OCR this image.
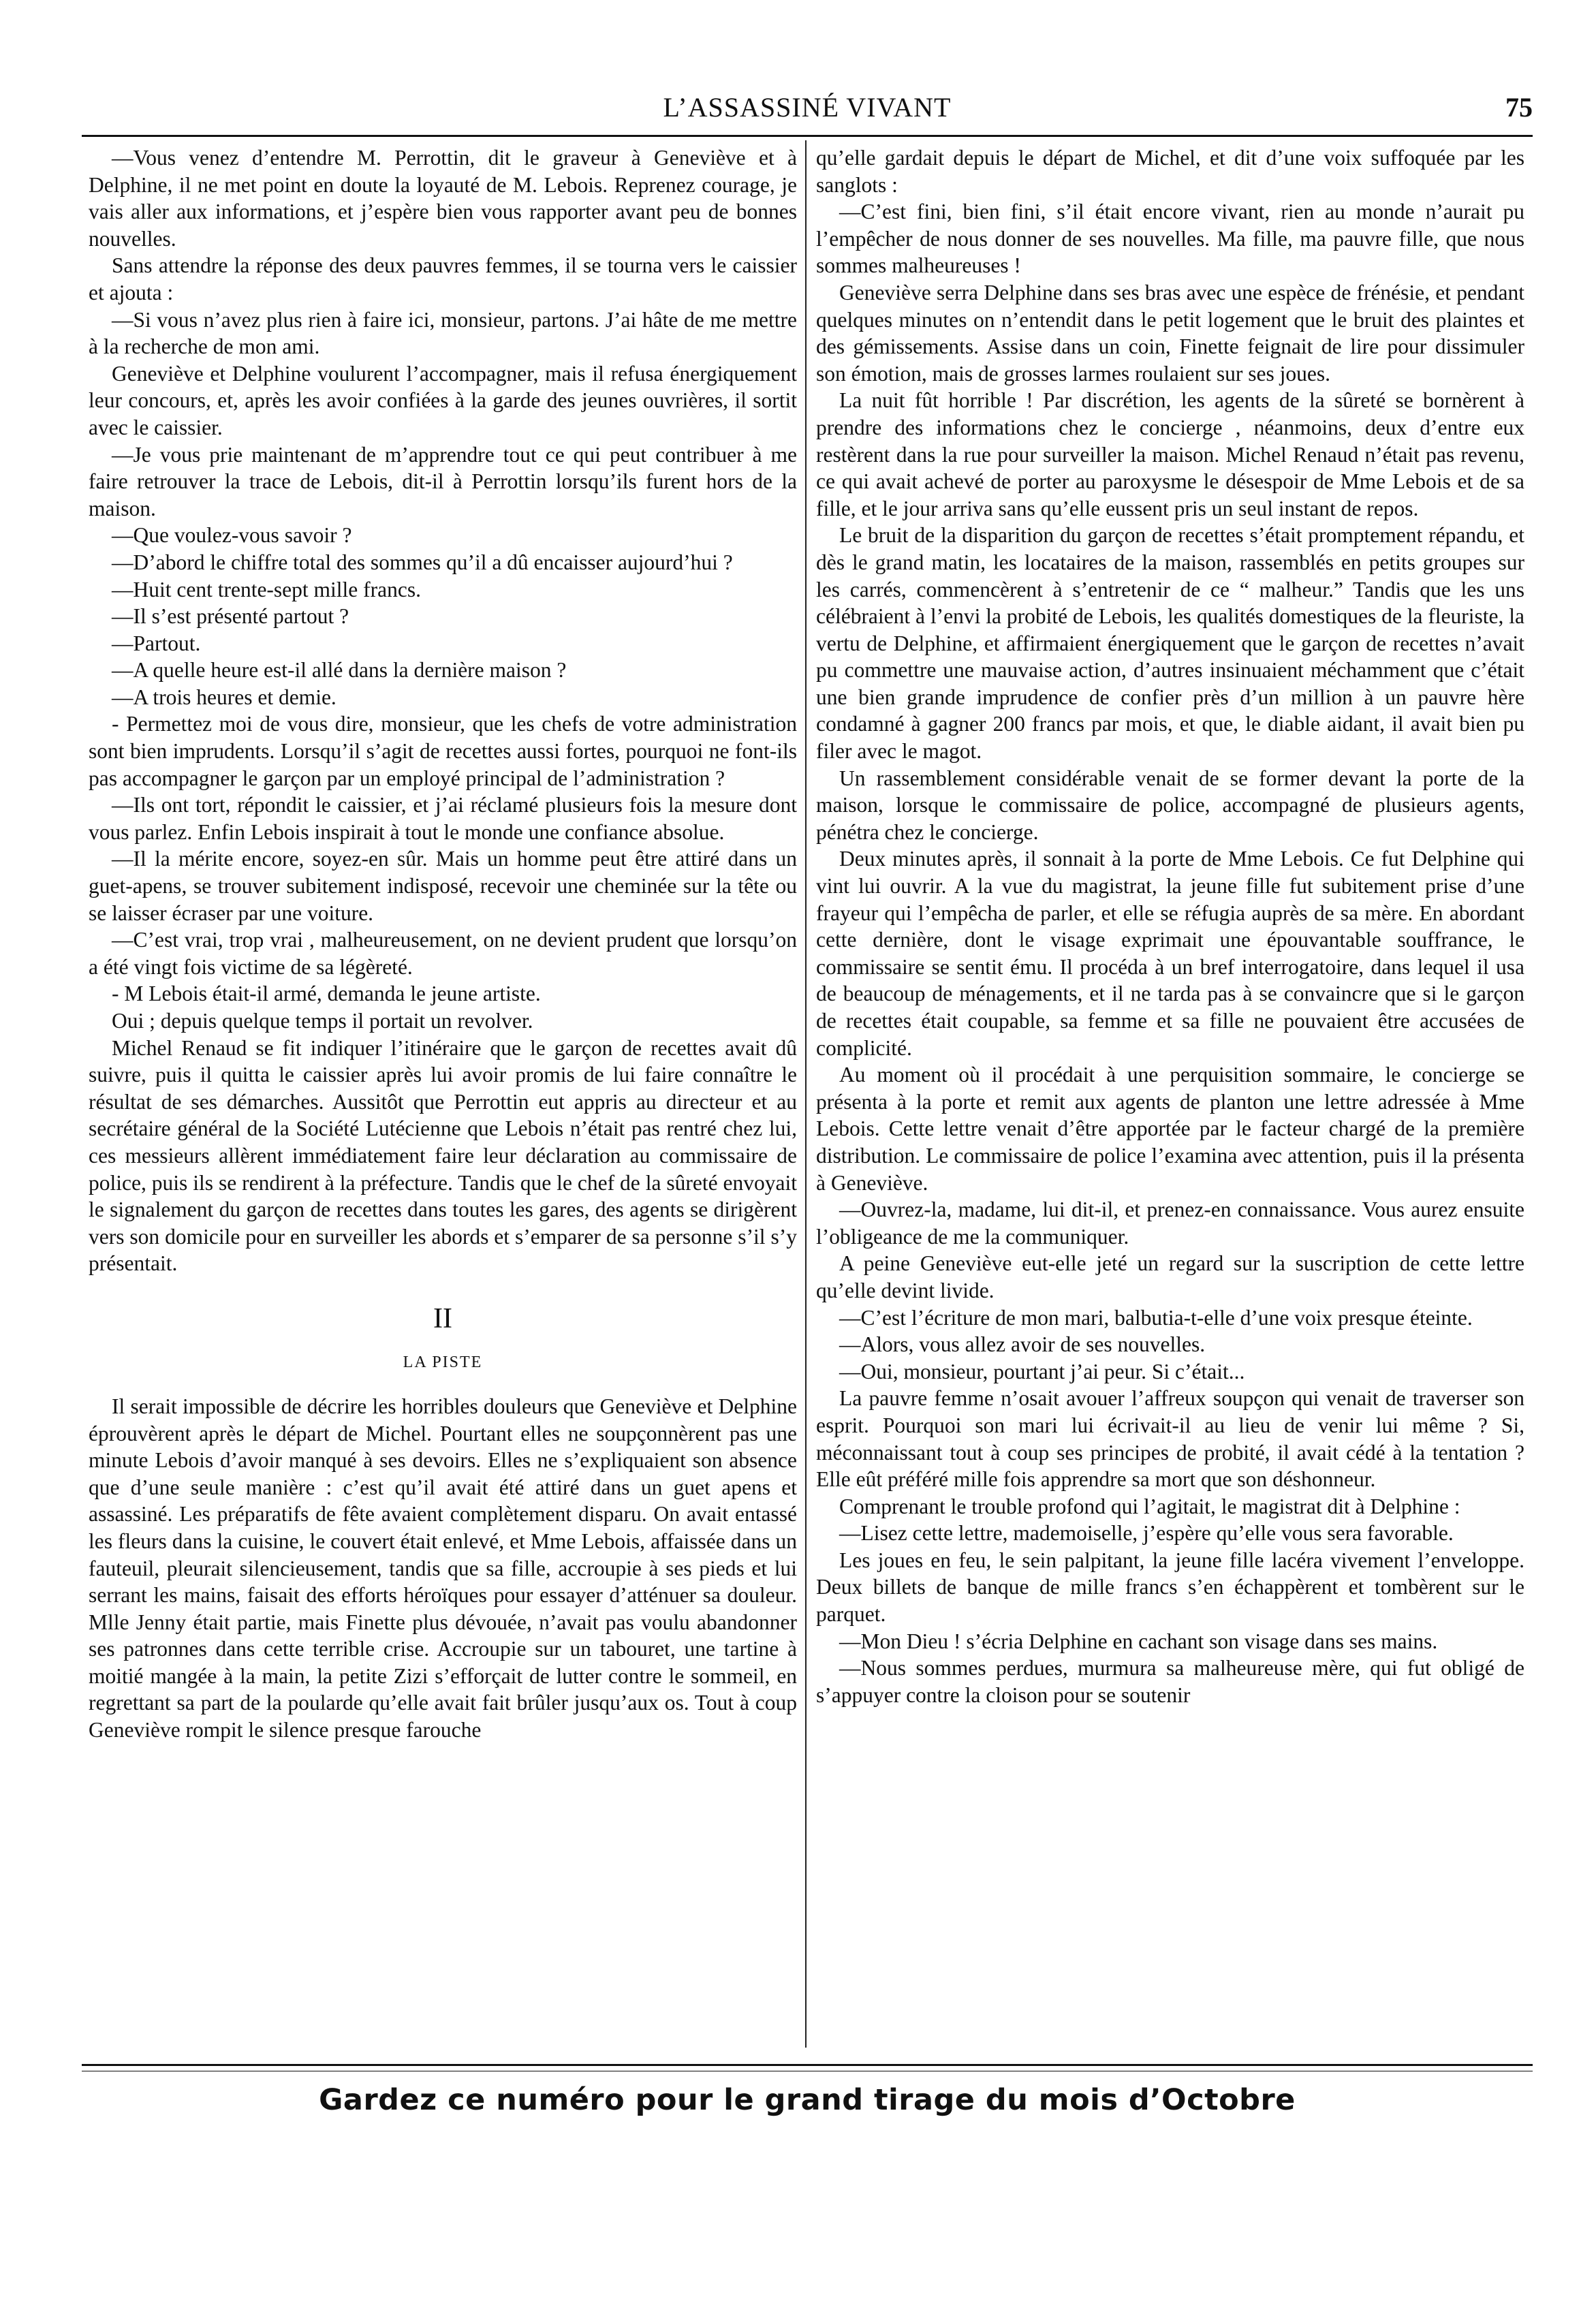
L’ASSASSINÉ VIVANT	75

—Vous venez d’entendre M. Perrottin, dit le graveur à Geneviève et à Delphine, il ne met point en doute la loyauté de M. Lebois. Reprenez courage, je vais aller aux informations, et j’espère bien vous rapporter avant peu de bonnes nouvelles.

Sans attendre la réponse des deux pauvres femmes, il se tourna vers le caissier et ajouta :

—Si vous n’avez plus rien à faire ici, monsieur, partons. J’ai hâte de me mettre à la recherche de mon ami.

Geneviève et Delphine voulurent l’accompagner, mais il refusa énergiquement leur concours, et, après les avoir confiées à la garde des jeunes ouvrières, il sortit avec le caissier.

—Je vous prie maintenant de m’apprendre tout ce qui peut contribuer à me faire retrouver la trace de Lebois, dit-il à Perrottin lorsqu’ils furent hors de la maison.

—Que voulez-vous savoir ?

—D’abord le chiffre total des sommes qu’il a dû encaisser aujourd’hui ?

—Huit cent trente-sept mille francs.

—Il s’est présenté partout ?

—Partout.

—A quelle heure est-il allé dans la dernière maison ?

—A trois heures et demie.

- Permettez moi de vous dire, monsieur, que les chefs de votre administration sont bien imprudents. Lorsqu’il s’agit de recettes aussi fortes, pourquoi ne font-ils pas accompagner le garçon par un employé principal de l’administration ?

—Ils ont tort, répondit le caissier, et j’ai réclamé plusieurs fois la mesure dont vous parlez. Enfin Lebois inspirait à tout le monde une confiance absolue.

—Il la mérite encore, soyez-en sûr. Mais un homme peut être attiré dans un guet-apens, se trouver subitement indisposé, recevoir une cheminée sur la tête ou se laisser écraser par une voiture.

—C’est vrai, trop vrai , malheureusement, on ne devient prudent que lorsqu’on a été vingt fois victime de sa légèreté.

- M Lebois était-il armé, demanda le jeune artiste.

Oui ; depuis quelque temps il portait un revolver.

Michel Renaud se fit indiquer l’itinéraire que le garçon de recettes avait dû suivre, puis il quitta le caissier après lui avoir promis de lui faire connaître le résultat de ses démarches. Aussitôt que Perrottin eut appris au directeur et au secrétaire général de la Société Lutécienne que Lebois n’était pas rentré chez lui, ces messieurs allèrent immédiatement faire leur déclaration au commissaire de police, puis ils se rendirent à la préfecture. Tandis que le chef de la sûreté envoyait le signalement du garçon de recettes dans toutes les gares, des agents se dirigèrent vers son domicile pour en surveiller les abords et s’emparer de sa personne s’il s’y présentait.

II
LA PISTE

Il serait impossible de décrire les horribles douleurs que Geneviève et Delphine éprouvèrent après le départ de Michel. Pourtant elles ne soupçonnèrent pas une minute Lebois d’avoir manqué à ses devoirs. Elles ne s’expliquaient son absence que d’une seule manière : c’est qu’il avait été attiré dans un guet apens et assassiné. Les préparatifs de fête avaient complètement disparu. On avait entassé les fleurs dans la cuisine, le couvert était enlevé, et Mme Lebois, affaissée dans un fauteuil, pleurait silencieusement, tandis que sa fille, accroupie à ses pieds et lui serrant les mains, faisait des efforts héroïques pour essayer d’atténuer sa douleur. Mlle Jenny était partie, mais Finette plus dévouée, n’avait pas voulu abandonner ses patronnes dans cette terrible crise. Accroupie sur un tabouret, une tartine à moitié mangée à la main, la petite Zizi s’efforçait de lutter contre le sommeil, en regrettant sa part de la poularde qu’elle avait fait brûler jusqu’aux os. Tout à coup Geneviève rompit le silence presque farouche

qu’elle gardait depuis le départ de Michel, et dit d’une voix suffoquée par les sanglots :

—C’est fini, bien fini, s’il était encore vivant, rien au monde n’aurait pu l’empêcher de nous donner de ses nouvelles. Ma fille, ma pauvre fille, que nous sommes malheureuses !

Geneviève serra Delphine dans ses bras avec une espèce de frénésie, et pendant quelques minutes on n’entendit dans le petit logement que le bruit des plaintes et des gémissements. Assise dans un coin, Finette feignait de lire pour dissimuler son émotion, mais de grosses larmes roulaient sur ses joues.

La nuit fût horrible ! Par discrétion, les agents de la sûreté se bornèrent à prendre des informations chez le concierge , néanmoins, deux d’entre eux restèrent dans la rue pour surveiller la maison. Michel Renaud n’était pas revenu, ce qui avait achevé de porter au paroxysme le désespoir de Mme Lebois et de sa fille, et le jour arriva sans qu’elle eussent pris un seul instant de repos.

Le bruit de la disparition du garçon de recettes s’était promptement répandu, et dès le grand matin, les locataires de la maison, rassemblés en petits groupes sur les carrés, commencèrent à s’entretenir de ce “ malheur.” Tandis que les uns célébraient à l’envi la probité de Lebois, les qualités domestiques de la fleuriste, la vertu de Delphine, et affirmaient énergiquement que le garçon de recettes n’avait pu commettre une mauvaise action, d’autres insinuaient méchamment que c’était une bien grande imprudence de confier près d’un million à un pauvre hère condamné à gagner 200 francs par mois, et que, le diable aidant, il avait bien pu filer avec le magot.

Un rassemblement considérable venait de se former devant la porte de la maison, lorsque le commissaire de police, accompagné de plusieurs agents, pénétra chez le concierge.

Deux minutes après, il sonnait à la porte de Mme Lebois. Ce fut Delphine qui vint lui ouvrir. A la vue du magistrat, la jeune fille fut subitement prise d’une frayeur qui l’empêcha de parler, et elle se réfugia auprès de sa mère. En abordant cette dernière, dont le visage exprimait une épouvantable souffrance, le commissaire se sentit ému. Il procéda à un bref interrogatoire, dans lequel il usa de beaucoup de ménagements, et il ne tarda pas à se convaincre que si le garçon de recettes était coupable, sa femme et sa fille ne pouvaient être accusées de complicité.

Au moment où il procédait à une perquisition sommaire, le concierge se présenta à la porte et remit aux agents de planton une lettre adressée à Mme Lebois. Cette lettre venait d’être apportée par le facteur chargé de la première distribution. Le commissaire de police l’examina avec attention, puis il la présenta à Geneviève.

—Ouvrez-la, madame, lui dit-il, et prenez-en connaissance. Vous aurez ensuite l’obligeance de me la communiquer.

A peine Geneviève eut-elle jeté un regard sur la suscription de cette lettre qu’elle devint livide.

—C’est l’écriture de mon mari, balbutia-t-elle d’une voix presque éteinte.

—Alors, vous allez avoir de ses nouvelles.

—Oui, monsieur, pourtant j’ai peur. Si c’était...

La pauvre femme n’osait avouer l’affreux soupçon qui venait de traverser son esprit. Pourquoi son mari lui écrivait-il au lieu de venir lui même ? Si, méconnaissant tout à coup ses principes de probité, il avait cédé à la tentation ? Elle eût préféré mille fois apprendre sa mort que son déshonneur.

Comprenant le trouble profond qui l’agitait, le magistrat dit à Delphine :

—Lisez cette lettre, mademoiselle, j’espère qu’elle vous sera favorable.

Les joues en feu, le sein palpitant, la jeune fille lacéra vivement l’enveloppe. Deux billets de banque de mille francs s’en échappèrent et tombèrent sur le parquet.

—Mon Dieu ! s’écria Delphine en cachant son visage dans ses mains.

—Nous sommes perdues, murmura sa malheureuse mère, qui fut obligé de s’appuyer contre la cloison pour se soutenir

Gardez ce numéro pour le grand tirage du mois d’Octobre
